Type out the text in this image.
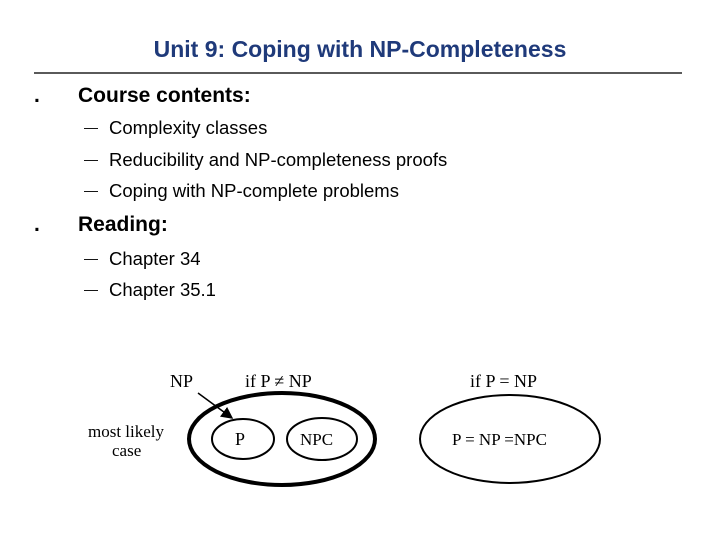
Unit 9: Coping with NP-Completeness
. Course contents:
— Complexity classes
— Reducibility and NP-completeness proofs
— Coping with NP-complete problems
. Reading:
— Chapter 34
— Chapter 35.1
NP	if P ≠ NP
most likely
case
P	NPC
if P = NP
P = NP =NPC
